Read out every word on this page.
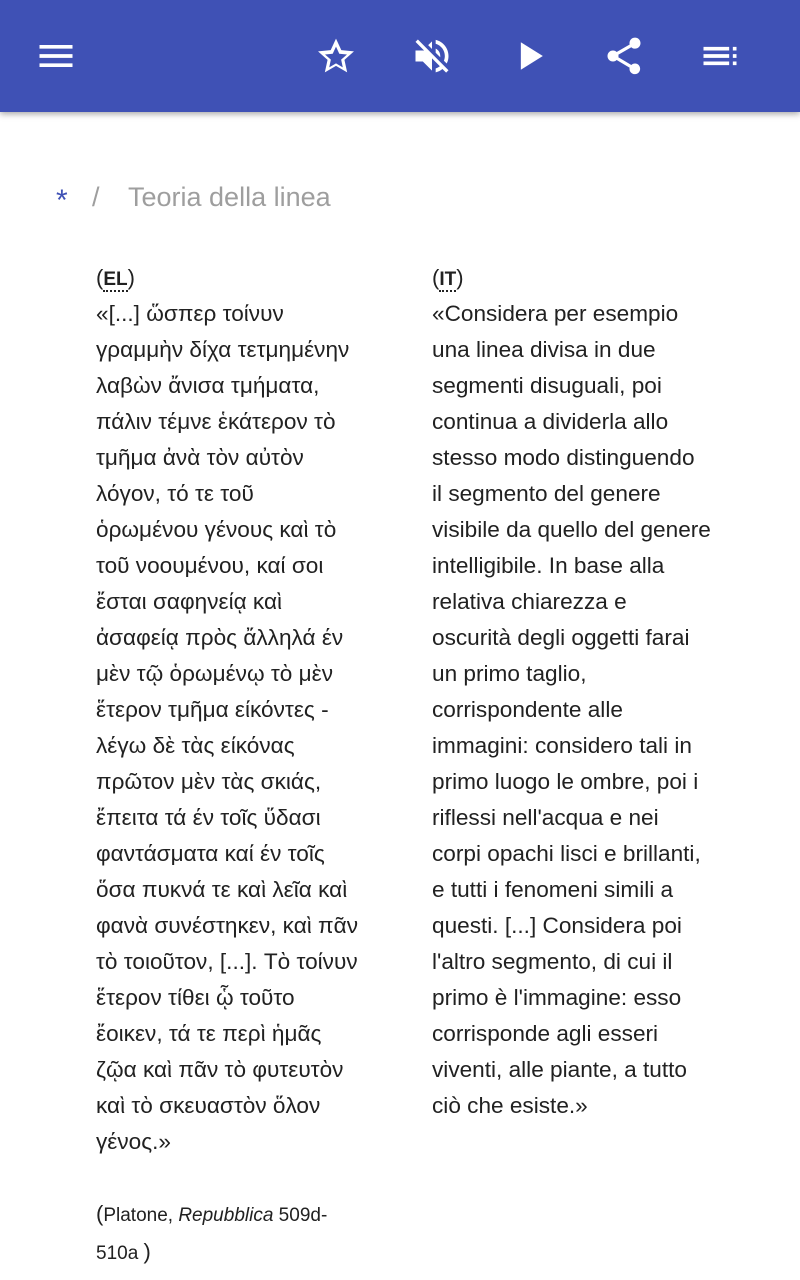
* / Teoria della linea
(EL)
«[...] ὥσπερ τοίνυν
γραμμὴν δίχα τετμημένην
λαβὼν ἄνισα τμήματα,
πάλιν τέμνε ἑκάτερον τὸ
τμῆμα ἀνὰ τὸν αὐτὸν
λόγον, τό τε τοῦ
ὁρωμένου γένους καὶ τὸ
τοῦ νοουμένου, καί σοι
ἔσται σαφηνείᾳ καὶ
ἀσαφείᾳ πρὸς ἄλληλά έν
μὲν τῷ ὁρωμένῳ τὸ μὲν
ἕτερον τμῆμα είκόντες -
λέγω δὲ τὰς είκόνας
πρῶτον μὲν τὰς σκιάς,
ἔπειτα τά έν τοῖς ὕδασι
φαντάσματα καί έν τοῖς
ὅσα πυκνά τε καὶ λεῖα καὶ
φανὰ συνέστηκεν, καὶ πᾶν
τὸ τοιοῦτον, [...]. Tὸ τοίνυν
ἕτερον τίθει ᾧ τοῦτο
ἔοικεν, τά τε περὶ ἡμᾶς
ζῷα καὶ πᾶν τὸ φυτευτὸν
καὶ τὸ σκευαστὸν ὅλον
γένος.»
(IT)
«Considera per esempio
una linea divisa in due
segmenti disuguali, poi
continua a dividerla allo
stesso modo distinguendo
il segmento del genere
visibile da quello del genere
intelligibile. In base alla
relativa chiarezza e
oscurità degli oggetti farai
un primo taglio,
corrispondente alle
immagini: considero tali in
primo luogo le ombre, poi i
riflessi nell'acqua e nei
corpi opachi lisci e brillanti,
e tutti i fenomeni simili a
questi. [...] Considera poi
l'altro segmento, di cui il
primo è l'immagine: esso
corrisponde agli esseri
viventi, alle piante, a tutto
ciò che esiste.»
(Platone, Repubblica 509d-
510a )
